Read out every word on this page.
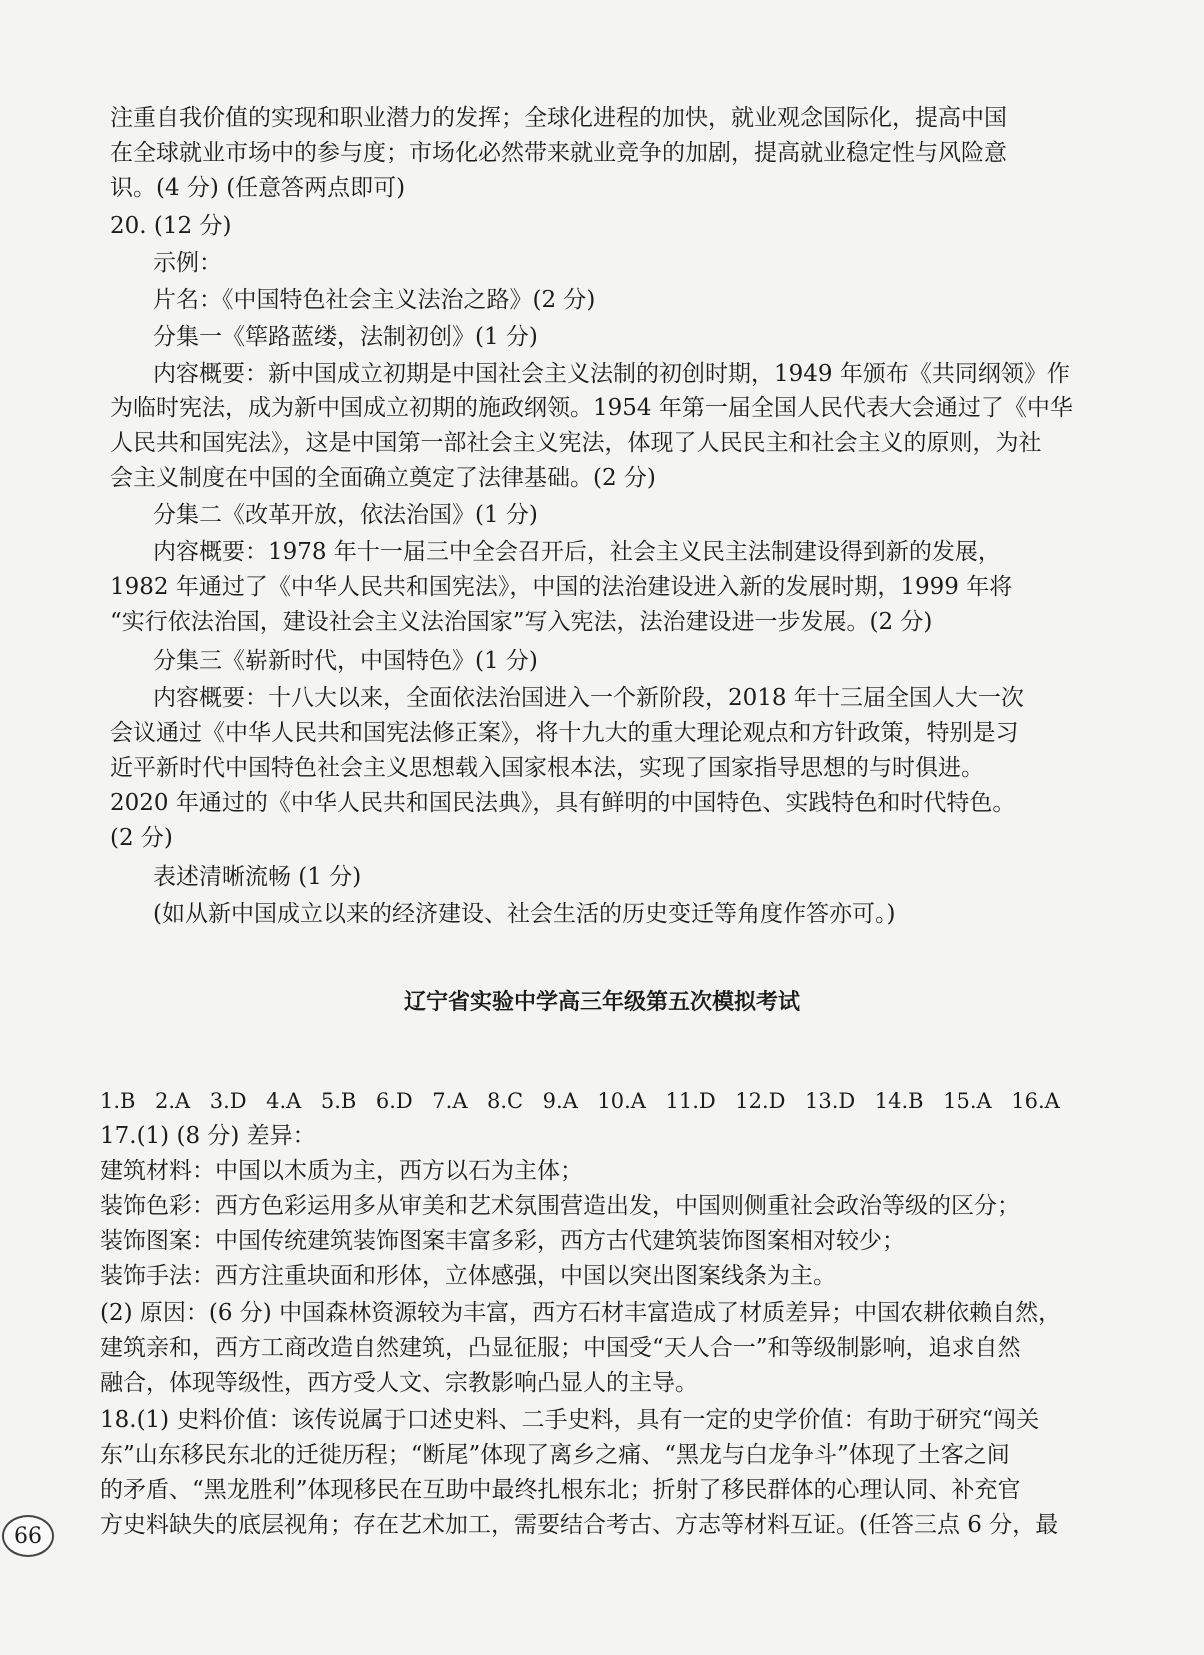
注重自我价值的实现和职业潜力的发挥；全球化进程的加快，就业观念国际化，提高中国
在全球就业市场中的参与度；市场化必然带来就业竞争的加剧，提高就业稳定性与风险意
识。(4 分) (任意答两点即可)
20. (12 分)
示例：
片名：《中国特色社会主义法治之路》(2 分)
分集一《筚路蓝缕，法制初创》(1 分)
内容概要：新中国成立初期是中国社会主义法制的初创时期，1949 年颁布《共同纲领》作
为临时宪法，成为新中国成立初期的施政纲领。1954 年第一届全国人民代表大会通过了《中华
人民共和国宪法》，这是中国第一部社会主义宪法，体现了人民民主和社会主义的原则，为社
会主义制度在中国的全面确立奠定了法律基础。(2 分)
分集二《改革开放，依法治国》(1 分)
内容概要：1978 年十一届三中全会召开后，社会主义民主法制建设得到新的发展，
1982 年通过了《中华人民共和国宪法》，中国的法治建设进入新的发展时期，1999 年将
“实行依法治国，建设社会主义法治国家”写入宪法，法治建设进一步发展。(2 分)
分集三《崭新时代，中国特色》(1 分)
内容概要：十八大以来，全面依法治国进入一个新阶段，2018 年十三届全国人大一次
会议通过《中华人民共和国宪法修正案》，将十九大的重大理论观点和方针政策，特别是习
近平新时代中国特色社会主义思想载入国家根本法，实现了国家指导思想的与时俱进。
2020 年通过的《中华人民共和国民法典》，具有鲜明的中国特色、实践特色和时代特色。
(2 分)
表述清晰流畅 (1 分)
(如从新中国成立以来的经济建设、社会生活的历史变迁等角度作答亦可。)
辽宁省实验中学高三年级第五次模拟考试
1.B 2.A 3.D 4.A 5.B 6.D 7.A 8.C 9.A 10.A 11.D 12.D 13.D 14.B 15.A 16.A
17.(1) (8 分) 差异：
建筑材料：中国以木质为主，西方以石为主体；
装饰色彩：西方色彩运用多从审美和艺术氛围营造出发，中国则侧重社会政治等级的区分；
装饰图案：中国传统建筑装饰图案丰富多彩，西方古代建筑装饰图案相对较少；
装饰手法：西方注重块面和形体，立体感强，中国以突出图案线条为主。
(2) 原因：(6 分) 中国森林资源较为丰富，西方石材丰富造成了材质差异；中国农耕依赖自然，
建筑亲和，西方工商改造自然建筑，凸显征服；中国受“天人合一”和等级制影响，追求自然
融合，体现等级性，西方受人文、宗教影响凸显人的主导。
18.(1) 史料价值：该传说属于口述史料、二手史料，具有一定的史学价值：有助于研究“闯关
东”山东移民东北的迁徙历程；“断尾”体现了离乡之痛、“黑龙与白龙争斗”体现了土客之间
的矛盾、“黑龙胜利”体现移民在互助中最终扎根东北；折射了移民群体的心理认同、补充官
方史料缺失的底层视角；存在艺术加工，需要结合考古、方志等材料互证。(任答三点 6 分，最
66
